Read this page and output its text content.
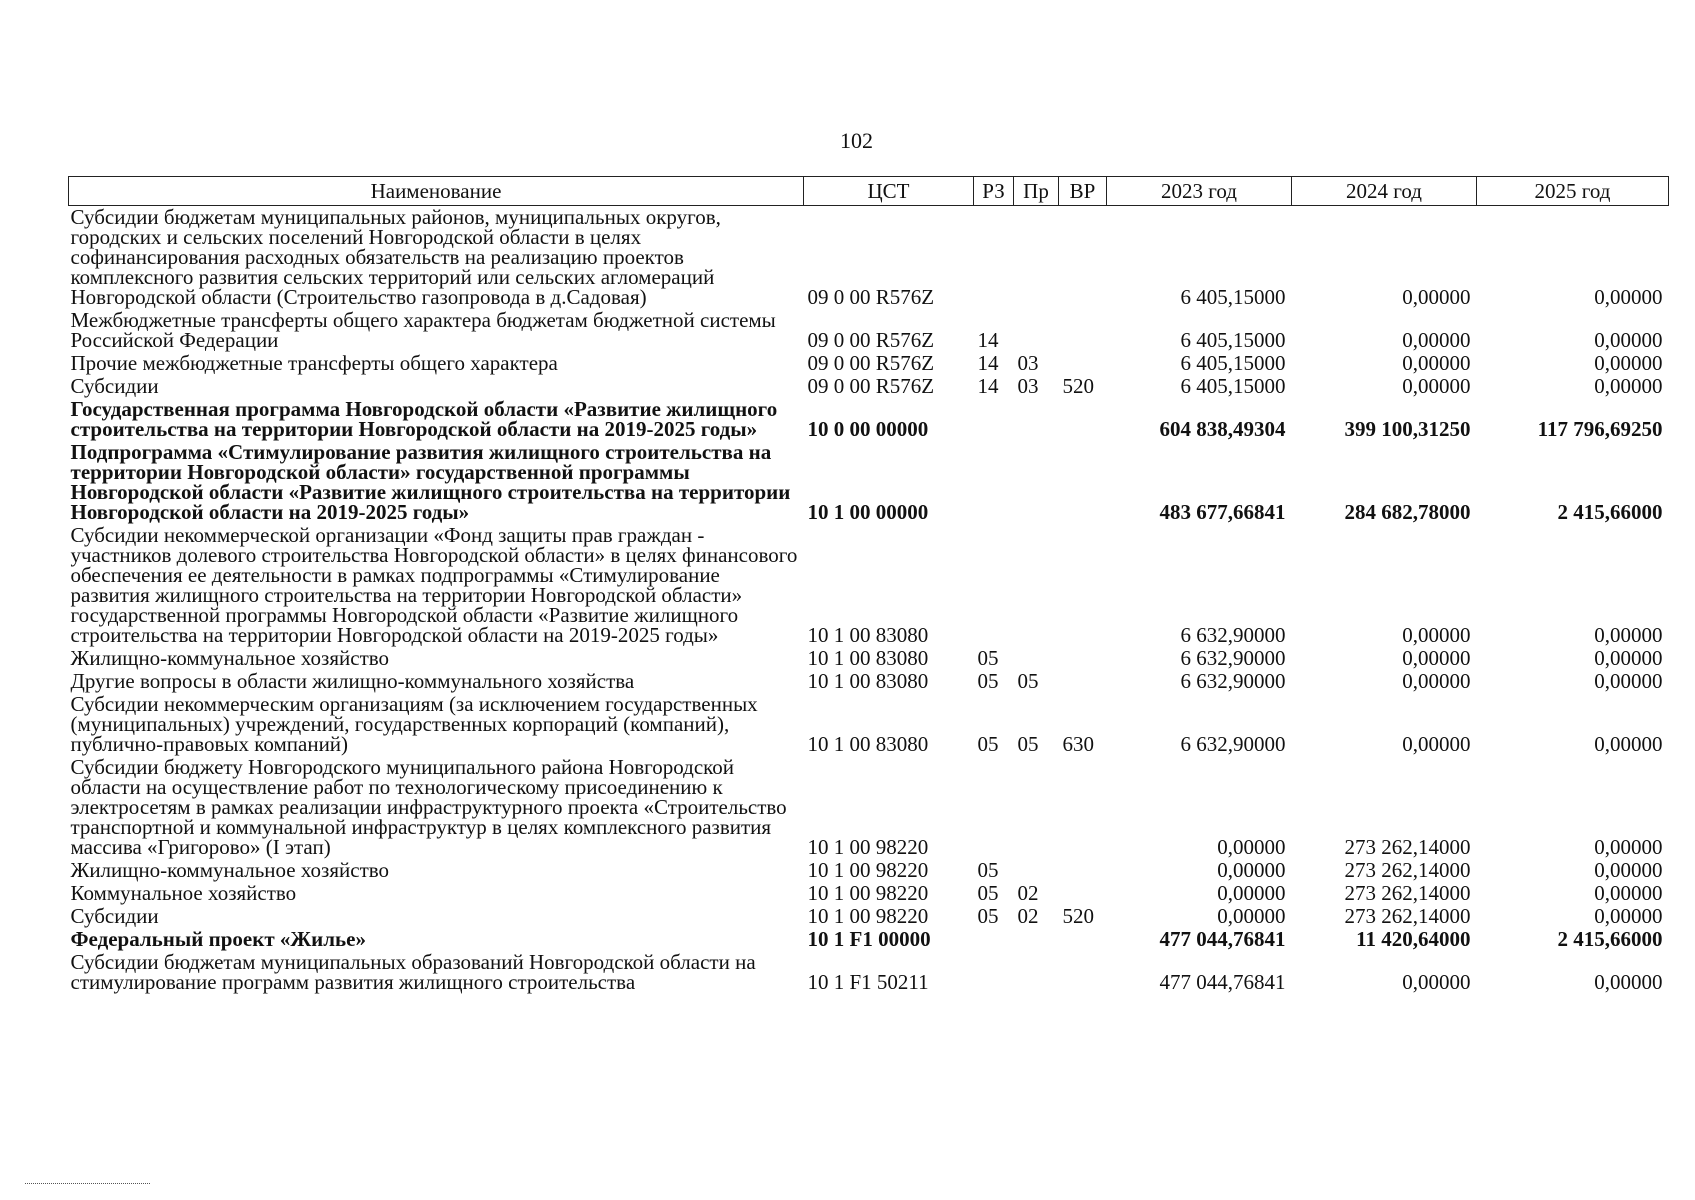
102
Наименование	ЦСТ	РЗ	Пр	ВР	2023 год	2024 год	2025 год
Субсидии бюджетам муниципальных районов, муниципальных округов, городских и сельских поселений Новгородской области в целях софинансирования расходных обязательств на реализацию проектов комплексного развития сельских территорий или сельских агломераций Новгородской области (Строительство газопровода в д.Садовая)	09 0 00 R576Z				6 405,15000	0,00000	0,00000
Межбюджетные трансферты общего характера бюджетам бюджетной системы Российской Федерации	09 0 00 R576Z	14			6 405,15000	0,00000	0,00000
Прочие межбюджетные трансферты общего характера	09 0 00 R576Z	14	03		6 405,15000	0,00000	0,00000
Субсидии	09 0 00 R576Z	14	03	520	6 405,15000	0,00000	0,00000
Государственная программа Новгородской области «Развитие жилищного строительства на территории Новгородской области на 2019-2025 годы»	10 0 00 00000				604 838,49304	399 100,31250	117 796,69250
Подпрограмма «Стимулирование развития жилищного строительства на территории Новгородской области» государственной программы Новгородской области «Развитие жилищного строительства на территории Новгородской области на 2019-2025 годы»	10 1 00 00000				483 677,66841	284 682,78000	2 415,66000
Субсидии некоммерческой организации «Фонд защиты прав граждан - участников долевого строительства Новгородской области» в целях финансового обеспечения ее деятельности в рамках подпрограммы «Стимулирование развития жилищного строительства на территории Новгородской области» государственной программы Новгородской области «Развитие жилищного строительства на территории Новгородской области на 2019-2025 годы»	10 1 00 83080				6 632,90000	0,00000	0,00000
Жилищно-коммунальное хозяйство	10 1 00 83080	05			6 632,90000	0,00000	0,00000
Другие вопросы в области жилищно-коммунального хозяйства	10 1 00 83080	05	05		6 632,90000	0,00000	0,00000
Субсидии некоммерческим организациям (за исключением государственных (муниципальных) учреждений, государственных корпораций (компаний), публично-правовых компаний)	10 1 00 83080	05	05	630	6 632,90000	0,00000	0,00000
Субсидии бюджету Новгородского муниципального района Новгородской области на осуществление работ по технологическому присоединению к электросетям в рамках реализации инфраструктурного проекта «Строительство транспортной и коммунальной инфраструктур в целях комплексного развития массива «Григорово» (I этап)	10 1 00 98220				0,00000	273 262,14000	0,00000
Жилищно-коммунальное хозяйство	10 1 00 98220	05			0,00000	273 262,14000	0,00000
Коммунальное хозяйство	10 1 00 98220	05	02		0,00000	273 262,14000	0,00000
Субсидии	10 1 00 98220	05	02	520	0,00000	273 262,14000	0,00000
Федеральный проект «Жилье»	10 1 F1 00000				477 044,76841	11 420,64000	2 415,66000
Субсидии бюджетам муниципальных образований Новгородской области на стимулирование программ развития жилищного строительства	10 1 F1 50211				477 044,76841	0,00000	0,00000
